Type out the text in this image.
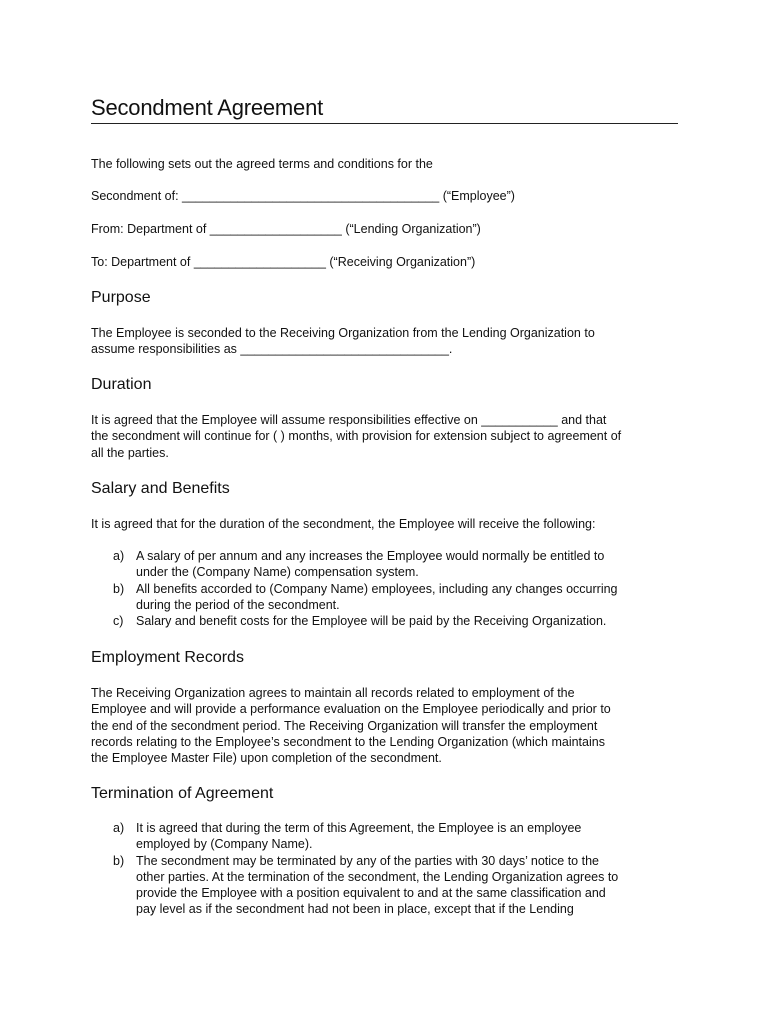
Secondment Agreement
The following sets out the agreed terms and conditions for the
Secondment of: _____________________________________ (“Employee”)
From: Department of ___________________ (“Lending Organization”)
To: Department of ___________________ (“Receiving Organization”)
Purpose
The Employee is seconded to the Receiving Organization from the Lending Organization to
assume responsibilities as ______________________________.
Duration
It is agreed that the Employee will assume responsibilities effective on ___________ and that
the secondment will continue for ( ) months, with provision for extension subject to agreement of
all the parties.
Salary and Benefits
It is agreed that for the duration of the secondment, the Employee will receive the following:
a) A salary of per annum and any increases the Employee would normally be entitled to
under the (Company Name) compensation system.
b) All benefits accorded to (Company Name) employees, including any changes occurring
during the period of the secondment.
c) Salary and benefit costs for the Employee will be paid by the Receiving Organization.
Employment Records
The Receiving Organization agrees to maintain all records related to employment of the
Employee and will provide a performance evaluation on the Employee periodically and prior to
the end of the secondment period. The Receiving Organization will transfer the employment
records relating to the Employee’s secondment to the Lending Organization (which maintains
the Employee Master File) upon completion of the secondment.
Termination of Agreement
a) It is agreed that during the term of this Agreement, the Employee is an employee
employed by (Company Name).
b) The secondment may be terminated by any of the parties with 30 days’ notice to the
other parties. At the termination of the secondment, the Lending Organization agrees to
provide the Employee with a position equivalent to and at the same classification and
pay level as if the secondment had not been in place, except that if the Lending
